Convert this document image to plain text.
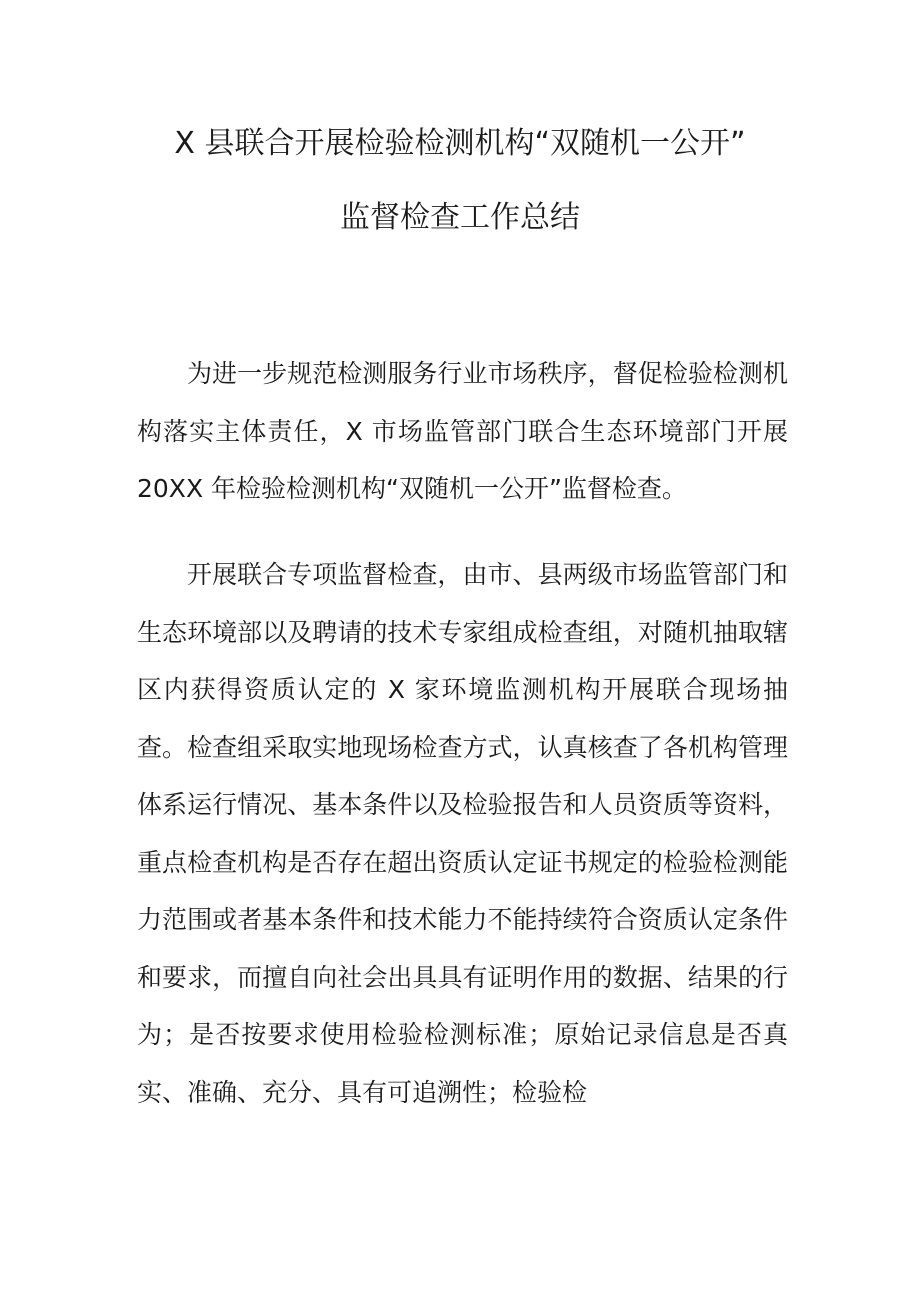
X 县联合开展检验检测机构“双随机一公开”
监督检查工作总结

为进一步规范检测服务行业市场秩序，督促检验检测机构落实主体责任，X 市场监管部门联合生态环境部门开展 20XX 年检验检测机构“双随机一公开”监督检查。

开展联合专项监督检查，由市、县两级市场监管部门和生态环境部以及聘请的技术专家组成检查组，对随机抽取辖区内获得资质认定的 X 家环境监测机构开展联合现场抽查。检查组采取实地现场检查方式，认真核查了各机构管理体系运行情况、基本条件以及检验报告和人员资质等资料，重点检查机构是否存在超出资质认定证书规定的检验检测能力范围或者基本条件和技术能力不能持续符合资质认定条件和要求，而擅自向社会出具具有证明作用的数据、结果的行为；是否按要求使用检验检测标准；原始记录信息是否真实、准确、充分、具有可追溯性；检验检
